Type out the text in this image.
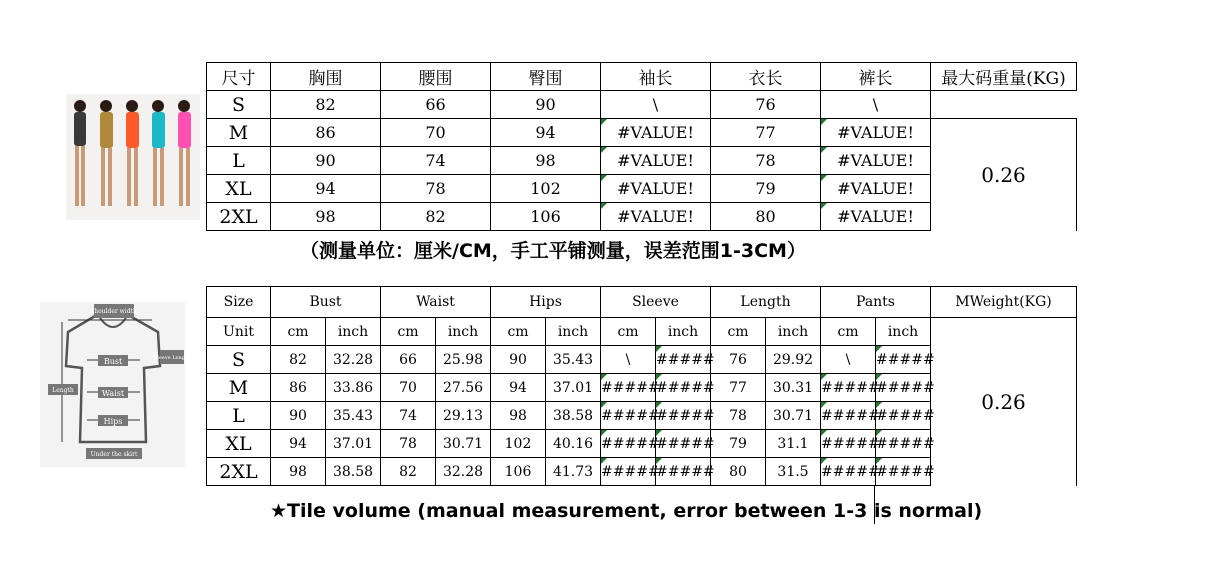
shoulder width
Bust
Waist
Hips
Length
Sleeve Length
Under the skirt
尺寸	胸围	腰围	臀围	袖长	衣长	裤长	最大码重量(KG)
S	82	66	90	\	76	\	
M	86	70	94	#VALUE!	77	#VALUE!	0.26
L	90	74	98	#VALUE!	78	#VALUE!	
XL	94	78	102	#VALUE!	79	#VALUE!	
2XL	98	82	106	#VALUE!	80	#VALUE!	
（测量单位：厘米/CM，手工平铺测量，误差范围1-3CM）
Size	Bust		Waist		Hips		Sleeve		Length		Pants		MWeight(KG)
Unit	cm	inch	cm	inch	cm	inch	cm	inch	cm	inch	cm	inch	0.26
S	82	32.28	66	25.98	90	35.43	\	#####	76	29.92	\	#####	
M	86	33.86	70	27.56	94	37.01	#####	#####	77	30.31	#####	#####	
L	90	35.43	74	29.13	98	38.58	#####	#####	78	30.71	#####	#####	
XL	94	37.01	78	30.71	102	40.16	#####	#####	79	31.1	#####	#####	
2XL	98	38.58	82	32.28	106	41.73	#####	#####	80	31.5	#####	#####	
★Tile volume (manual measurement, error between 1-3 is normal)
